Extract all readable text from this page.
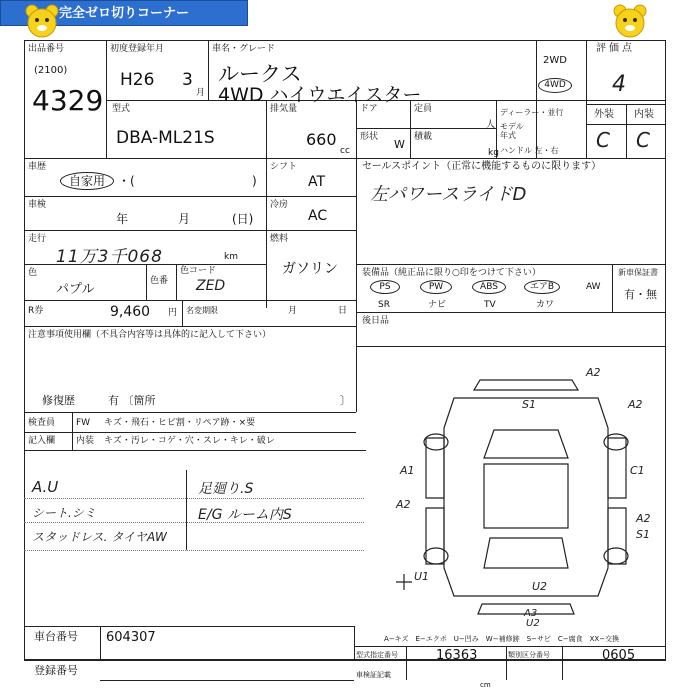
完全ゼロ切りコーナー
出品番号
(2100)
4329
初度登録年月
H26 3
月
車名・グレード
ルークス
4WD ハイウエイスター
2WD
4WD
評価点
4
外装 内装
C C
型式
DBA-ML21S
排気量
660
cc
ドア
形状
W
定員
人
積載
kg
ディーラー・並行
モデル
年式
ハンドル 左・右
車歴
自家用	・(	)
シフト
AT
セールスポイント（正常に機能するものに限ります）
左パワースライドD
車検
年	月	(日)
冷房
AC
走行
11万3千068	km
燃料
ガソリン
色
パプル
色番
色コード
ZED
R券	9,460 円 名変期限	月	日
装備品（純正品に限り○印をつけて下さい）	新車保証書
有・無
PS	PW	ABS	エアB	AW
SR	ナビ	TV	カワ
後日品
注意事項使用欄（不具合内容等は具体的に記入して下さい）
修復歴	有 〔箇所	〕
検査員
記入欄
FW キズ・飛石・ヒビ割・リペア跡・×要
内装 キズ・汚レ・コゲ・穴・スレ・キレ・破レ
A.U
シート.シミ
スタッドレス. タイヤAW
足廻り.S
E/G ルーム内S
A2
S1	A2
A1	C1
A2
A2
S1
U1
U2
A3
U2
A−キズ　E−エクボ　U−凹み　W−補修跡　S−サビ　C−腐食　XX−交換
車台番号 604307
登録番号
型式指定番号	16363	類別区分番号	0605
車検証記載
cm
